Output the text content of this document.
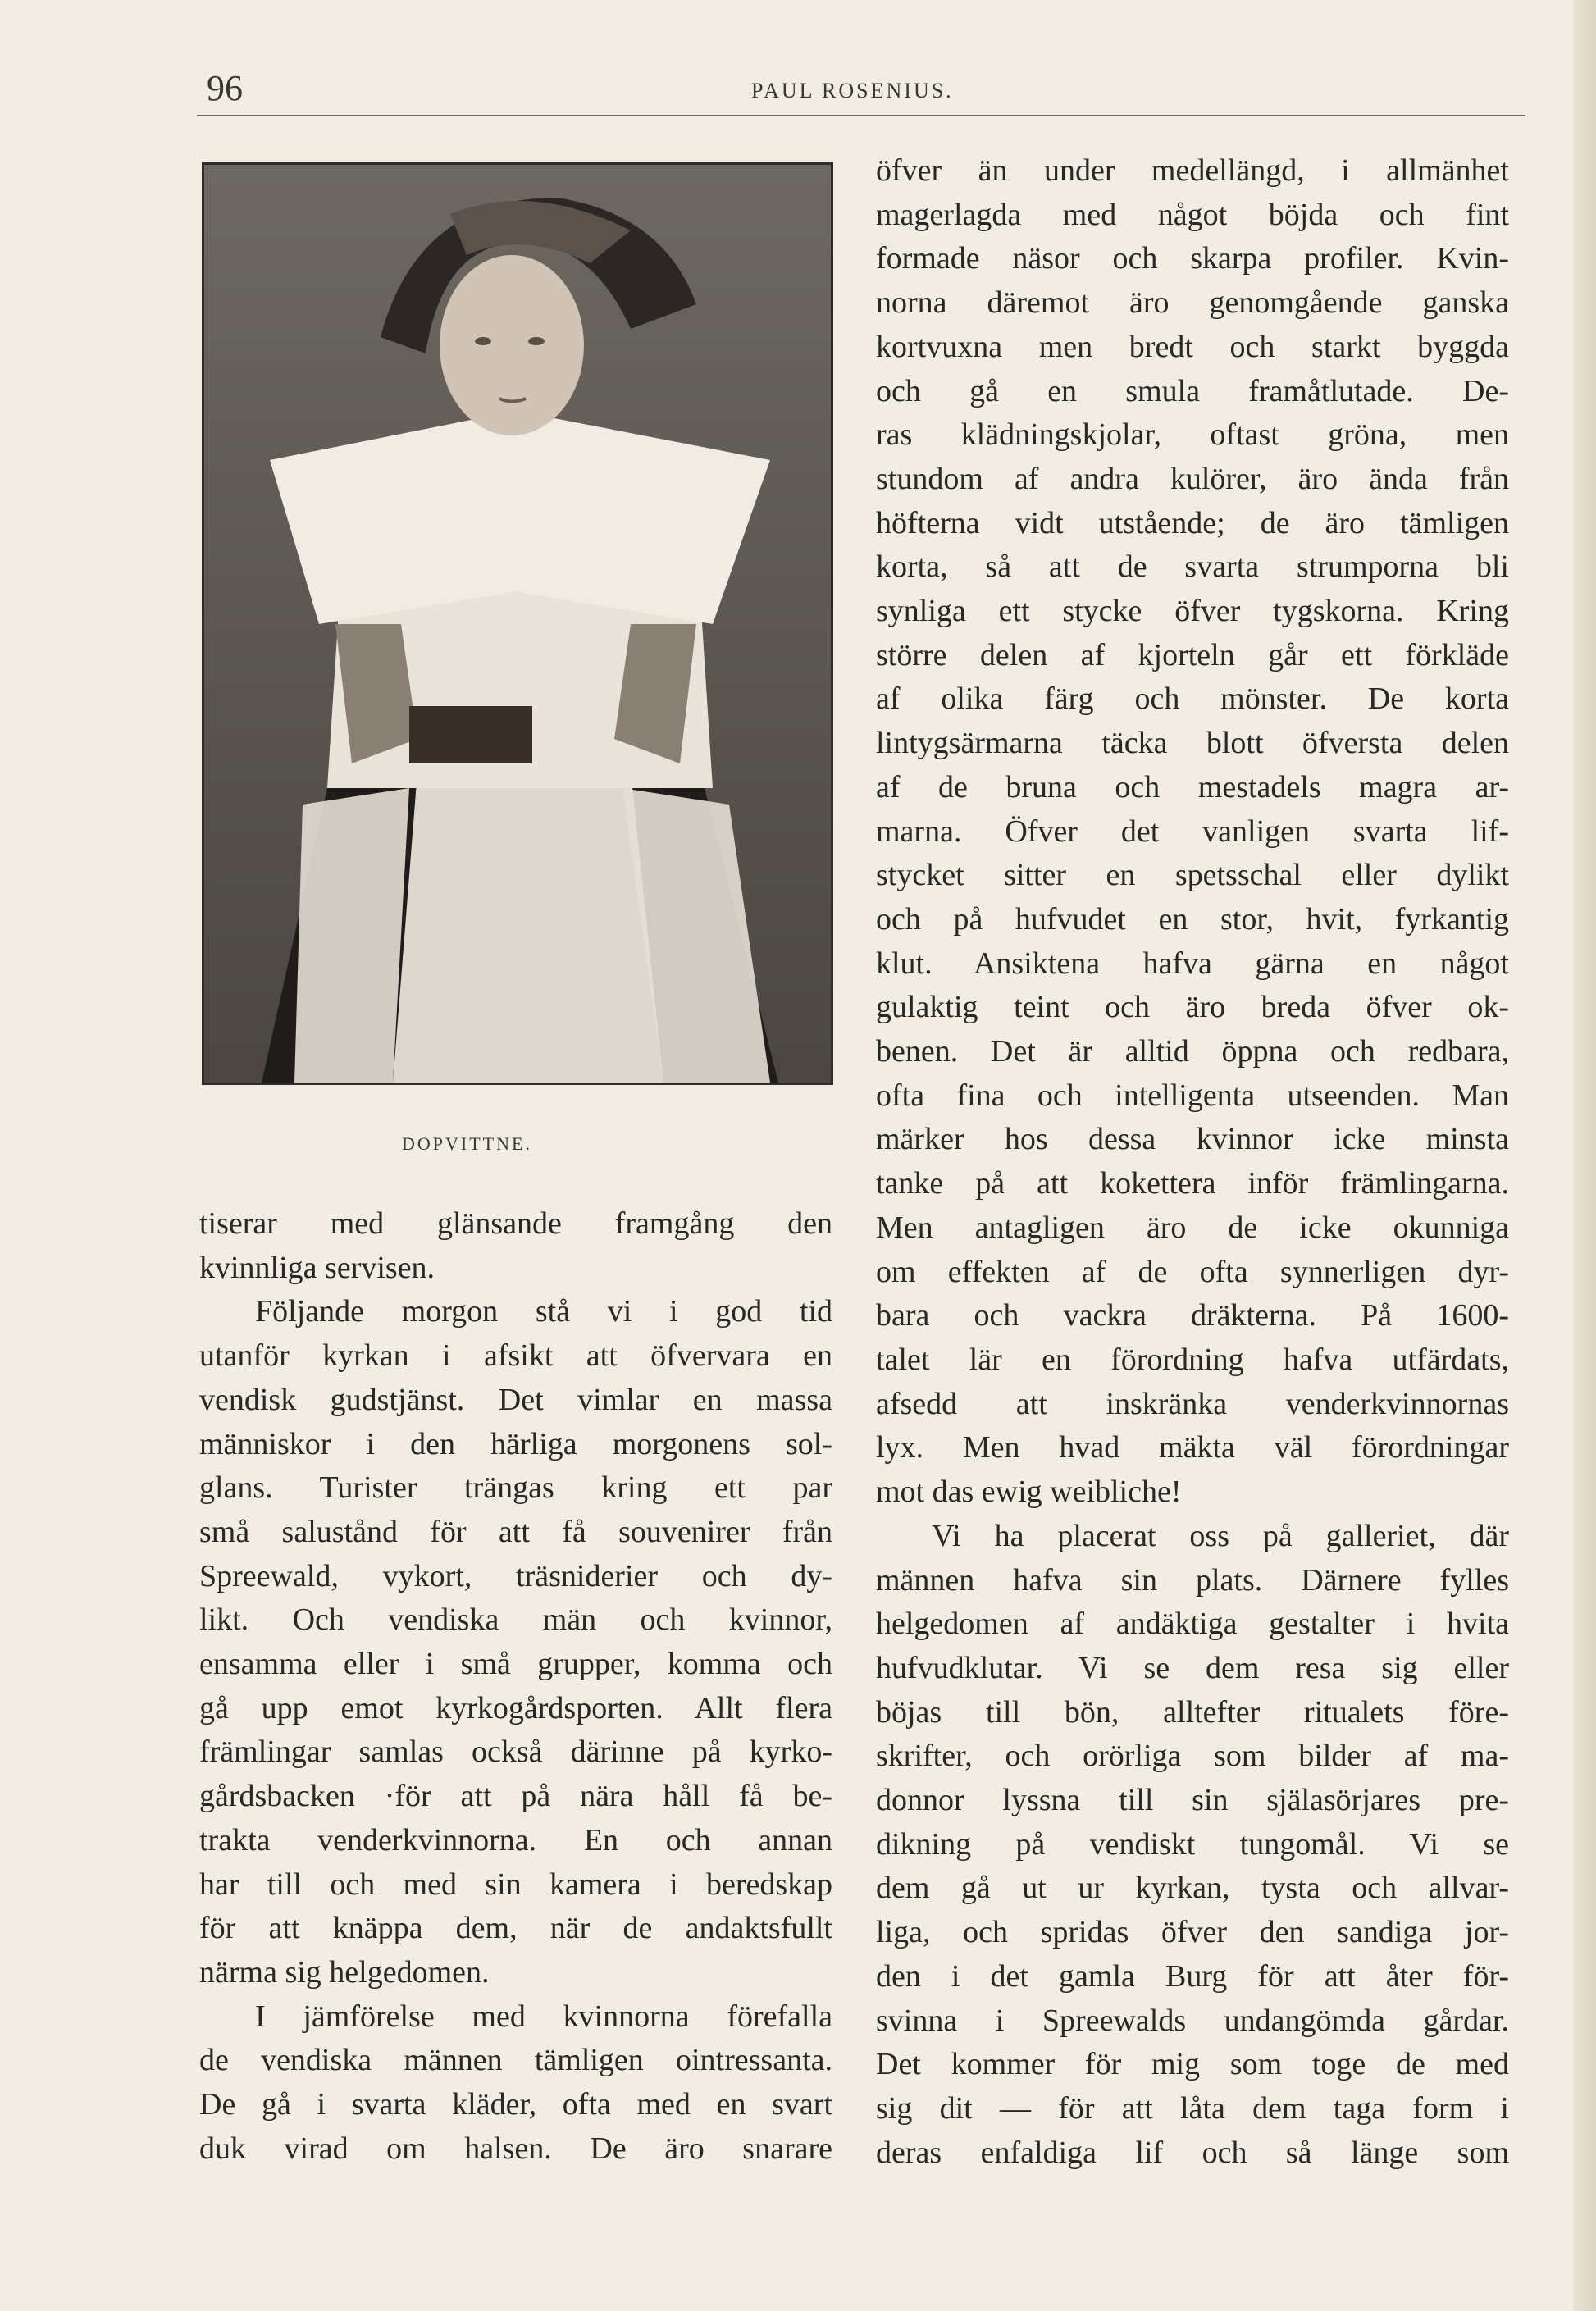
96	PAUL ROSENIUS.
DOPVITTNE.

tiserar med glänsande framgång den

kvinnliga servisen.

Följande morgon stå vi i god tid

utanför kyrkan i afsikt att öfvervara en

vendisk gudstjänst. Det vimlar en massa

människor i den härliga morgonens sol-

glans. Turister trängas kring ett par

små salustånd för att få souvenirer från

Spreewald, vykort, träsniderier och dy-

likt. Och vendiska män och kvinnor,

ensamma eller i små grupper, komma och

gå upp emot kyrkogårdsporten. Allt flera

främlingar samlas också därinne på kyrko-

gårdsbacken ·för att på nära håll få be-

trakta venderkvinnorna. En och annan

har till och med sin kamera i beredskap

för att knäppa dem, när de andaktsfullt

närma sig helgedomen.

I jämförelse med kvinnorna förefalla

de vendiska männen tämligen ointressanta.

De gå i svarta kläder, ofta med en svart

duk virad om halsen. De äro snarare

öfver än under medellängd, i allmänhet

magerlagda med något böjda och fint

formade näsor och skarpa profiler. Kvin-

norna däremot äro genomgående ganska

kortvuxna men bredt och starkt byggda

och gå en smula framåtlutade. De-

ras klädningskjolar, oftast gröna, men

stundom af andra kulörer, äro ända från

höfterna vidt utstående; de äro tämligen

korta, så att de svarta strumporna bli

synliga ett stycke öfver tygskorna. Kring

större delen af kjorteln går ett förkläde

af olika färg och mönster. De korta

lintygsärmarna täcka blott öfversta delen

af de bruna och mestadels magra ar-

marna. Öfver det vanligen svarta lif-

stycket sitter en spetsschal eller dylikt

och på hufvudet en stor, hvit, fyrkantig

klut. Ansiktena hafva gärna en något

gulaktig teint och äro breda öfver ok-

benen. Det är alltid öppna och redbara,

ofta fina och intelligenta utseenden. Man

märker hos dessa kvinnor icke minsta

tanke på att kokettera inför främlingarna.

Men antagligen äro de icke okunniga

om effekten af de ofta synnerligen dyr-

bara och vackra dräkterna. På 1600-

talet lär en förordning hafva utfärdats,

afsedd att inskränka venderkvinnornas

lyx. Men hvad mäkta väl förordningar

mot das ewig weibliche!

Vi ha placerat oss på galleriet, där

männen hafva sin plats. Därnere fylles

helgedomen af andäktiga gestalter i hvita

hufvudklutar. Vi se dem resa sig eller

böjas till bön, alltefter ritualets före-

skrifter, och orörliga som bilder af ma-

donnor lyssna till sin själasörjares pre-

dikning på vendiskt tungomål. Vi se

dem gå ut ur kyrkan, tysta och allvar-

liga, och spridas öfver den sandiga jor-

den i det gamla Burg för att åter för-

svinna i Spreewalds undangömda gårdar.

Det kommer för mig som toge de med

sig dit — för att låta dem taga form i

deras enfaldiga lif och så länge som
